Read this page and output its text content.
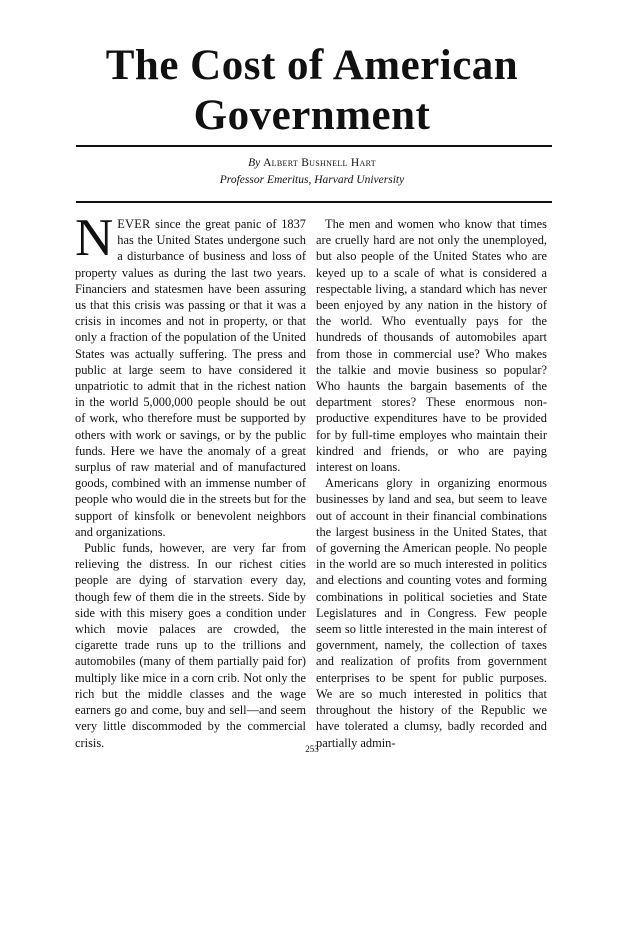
The Cost of American
Government
By Albert Bushnell Hart
Professor Emeritus, Harvard University

NEVER since the great panic of 1837 has the United States undergone such a disturbance of business and loss of property values as during the last two years. Financiers and statesmen have been assuring us that this crisis was passing or that it was a crisis in incomes and not in property, or that only a fraction of the population of the United States was actually suffering. The press and public at large seem to have considered it unpatriotic to admit that in the richest nation in the world 5,000,000 people should be out of work, who therefore must be supported by others with work or savings, or by the public funds. Here we have the anomaly of a great surplus of raw material and of manufactured goods, combined with an immense number of people who would die in the streets but for the support of kinsfolk or benevolent neighbors and organizations.

Public funds, however, are very far from relieving the distress. In our richest cities people are dying of starvation every day, though few of them die in the streets. Side by side with this misery goes a condition under which movie palaces are crowded, the cigarette trade runs up to the trillions and automobiles (many of them partially paid for) multiply like mice in a corn crib. Not only the rich but the middle classes and the wage earners go and come, buy and sell—and seem very little discommoded by the commercial crisis.

The men and women who know that times are cruelly hard are not only the unemployed, but also people of the United States who are keyed up to a scale of what is considered a respectable living, a standard which has never been enjoyed by any nation in the history of the world. Who eventually pays for the hundreds of thousands of automobiles apart from those in commercial use? Who makes the talkie and movie business so popular? Who haunts the bargain basements of the department stores? These enormous non-productive expenditures have to be provided for by full-time employes who maintain their kindred and friends, or who are paying interest on loans.

Americans glory in organizing enormous businesses by land and sea, but seem to leave out of account in their financial combinations the largest business in the United States, that of governing the American people. No people in the world are so much interested in politics and elections and counting votes and forming combinations in political societies and State Legislatures and in Congress. Few people seem so little interested in the main interest of government, namely, the collection of taxes and realization of profits from government enterprises to be spent for public purposes. We are so much interested in politics that throughout the history of the Republic we have tolerated a clumsy, badly recorded and partially admin-

253
